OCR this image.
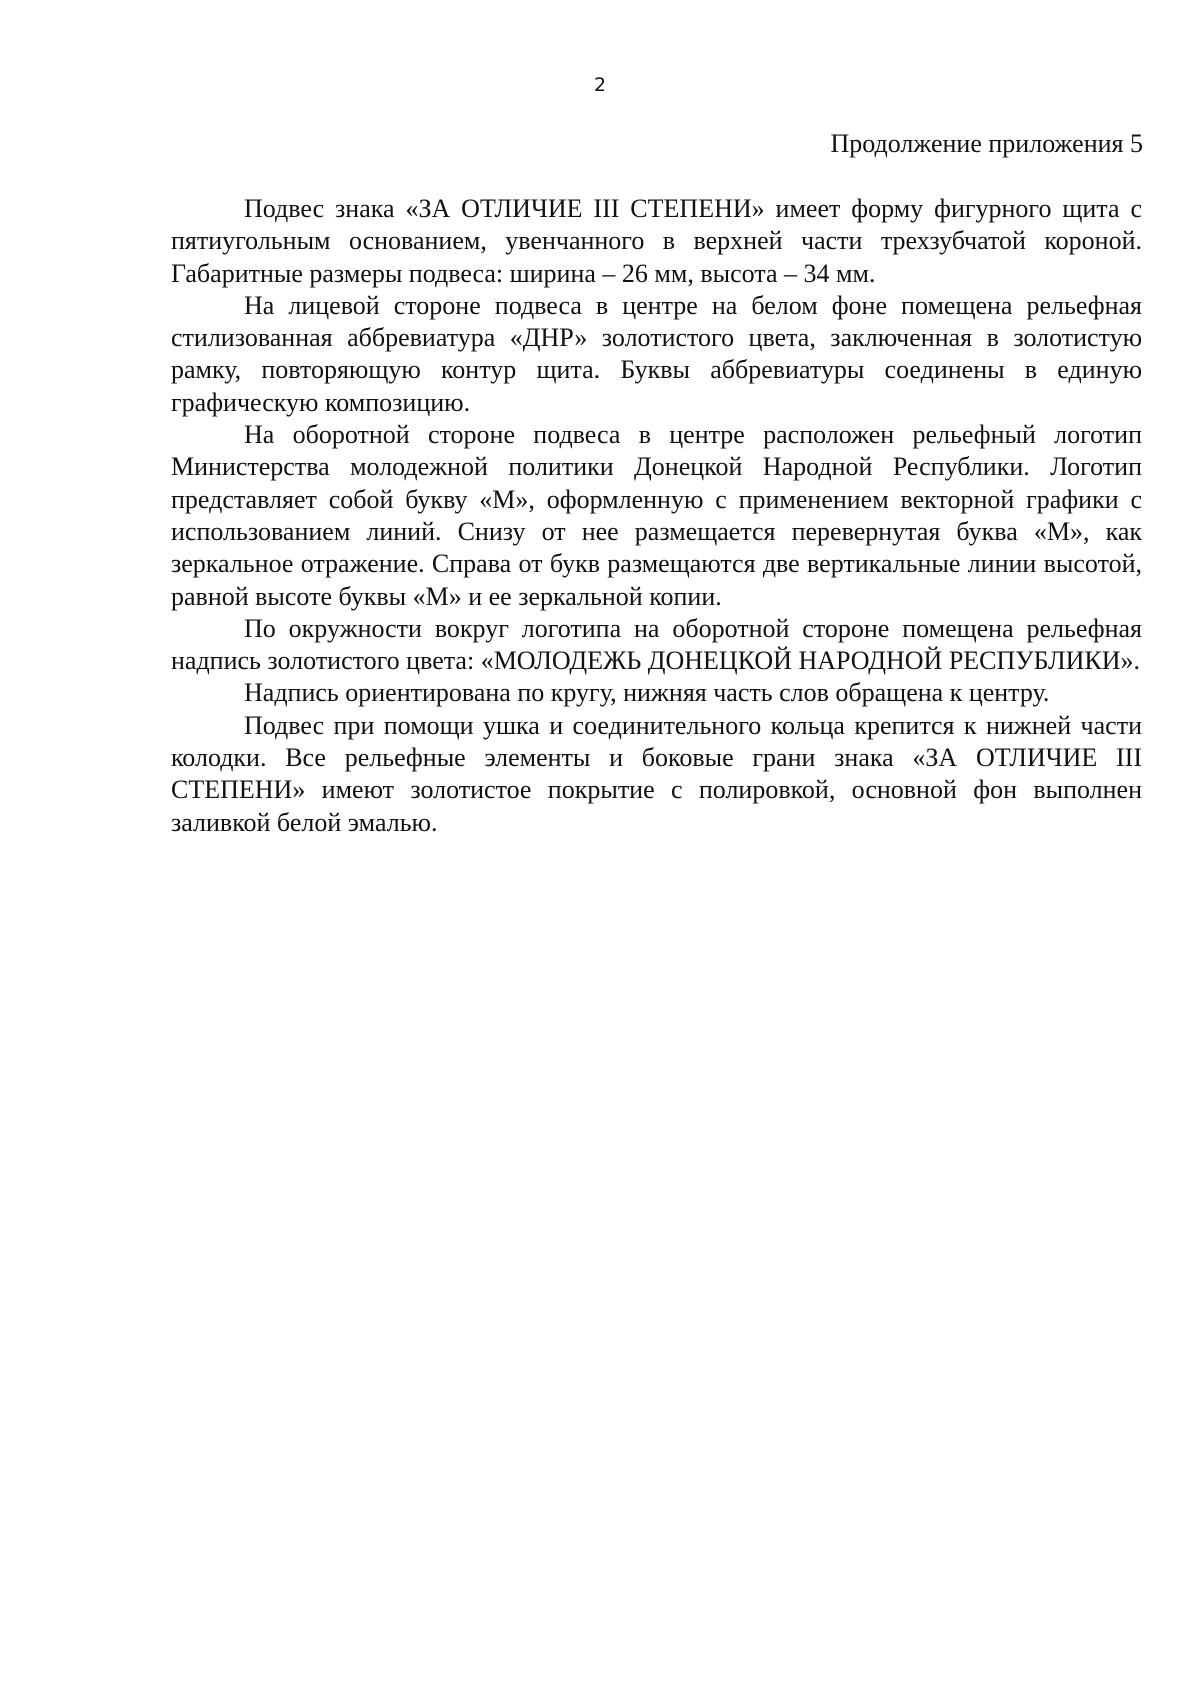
2
Продолжение приложения 5

Подвес знака «ЗА ОТЛИЧИЕ III СТЕПЕНИ» имеет форму фигурного щита с пятиугольным основанием, увенчанного в верхней части трехзубчатой короной. Габаритные размеры подвеса: ширина – 26 мм, высота – 34 мм.

На лицевой стороне подвеса в центре на белом фоне помещена рельефная стилизованная аббревиатура «ДНР» золотистого цвета, заключенная в золотистую рамку, повторяющую контур щита. Буквы аббревиатуры соединены в единую графическую композицию.

На оборотной стороне подвеса в центре расположен рельефный логотип Министерства молодежной политики Донецкой Народной Республики. Логотип представляет собой букву «М», оформленную с применением векторной графики с использованием линий. Снизу от нее размещается перевернутая буква «М», как зеркальное отражение. Справа от букв размещаются две вертикальные линии высотой, равной высоте буквы «М» и ее зеркальной копии.

По окружности вокруг логотипа на оборотной стороне помещена рельефная надпись золотистого цвета: «МОЛОДЕЖЬ ДОНЕЦКОЙ НАРОДНОЙ РЕСПУБЛИКИ».

Надпись ориентирована по кругу, нижняя часть слов обращена к центру.

Подвес при помощи ушка и соединительного кольца крепится к нижней части колодки. Все рельефные элементы и боковые грани знака «ЗА ОТЛИЧИЕ III СТЕПЕНИ» имеют золотистое покрытие с полировкой, основной фон выполнен заливкой белой эмалью.
